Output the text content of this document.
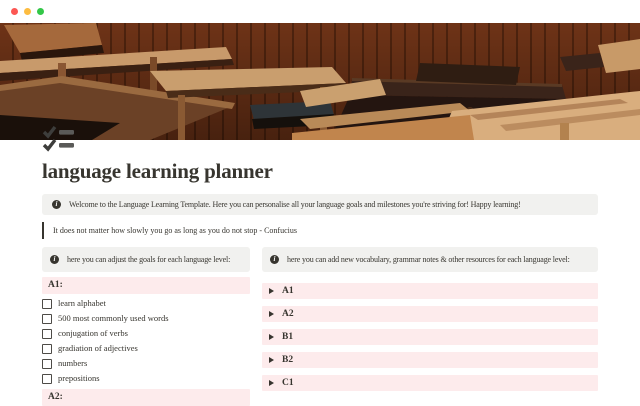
language learning planner
i	Welcome to the Language Learning Template. Here you can personalise all your language goals and milestones you're striving for! Happy learning!
It does not matter how slowly you go as long as you do not stop - Confucius
i	here you can adjust the goals for each language level:
A1:
learn alphabet
500 most commonly used words
conjugation of verbs
gradiation of adjectives
numbers
prepositions
A2:
i	here you can add new vocabulary, grammar notes & other resources for each language level:
A1
A2
B1
B2
C1
